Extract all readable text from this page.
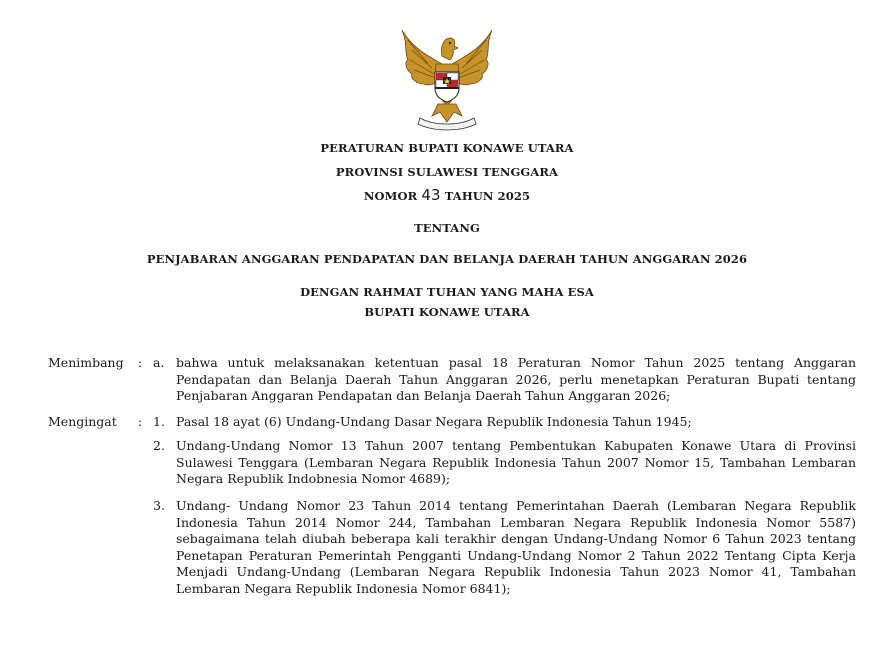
PERATURAN BUPATI KONAWE UTARA
PROVINSI SULAWESI TENGGARA
NOMOR 43 TAHUN 2025
TENTANG
PENJABARAN ANGGARAN PENDAPATAN DAN BELANJA DAERAH TAHUN ANGGARAN 2026
DENGAN RAHMAT TUHAN YANG MAHA ESA
BUPATI KONAWE UTARA
Menimbang : a. bahwa untuk melaksanakan ketentuan pasal 18 Peraturan Nomor Tahun 2025 tentang Anggaran Pendapatan dan Belanja Daerah Tahun Anggaran 2026, perlu menetapkan Peraturan Bupati tentang Penjabaran Anggaran Pendapatan dan Belanja Daerah Tahun Anggaran 2026;
Mengingat : 1. Pasal 18 ayat (6) Undang-Undang Dasar Negara Republik Indonesia Tahun 1945;
2. Undang-Undang Nomor 13 Tahun 2007 tentang Pembentukan Kabupaten Konawe Utara di Provinsi Sulawesi Tenggara (Lembaran Negara Republik Indonesia Tahun 2007 Nomor 15, Tambahan Lembaran Negara Republik Indobnesia Nomor 4689);
3. Undang- Undang Nomor 23 Tahun 2014 tentang Pemerintahan Daerah (Lembaran Negara Republik Indonesia Tahun 2014 Nomor 244, Tambahan Lembaran Negara Republik Indonesia Nomor 5587) sebagaimana telah diubah beberapa kali terakhir dengan Undang-Undang Nomor 6 Tahun 2023 tentang Penetapan Peraturan Pemerintah Pengganti Undang-Undang Nomor 2 Tahun 2022 Tentang Cipta Kerja Menjadi Undang-Undang (Lembaran Negara Republik Indonesia Tahun 2023 Nomor 41, Tambahan Lembaran Negara Republik Indonesia Nomor 6841);
